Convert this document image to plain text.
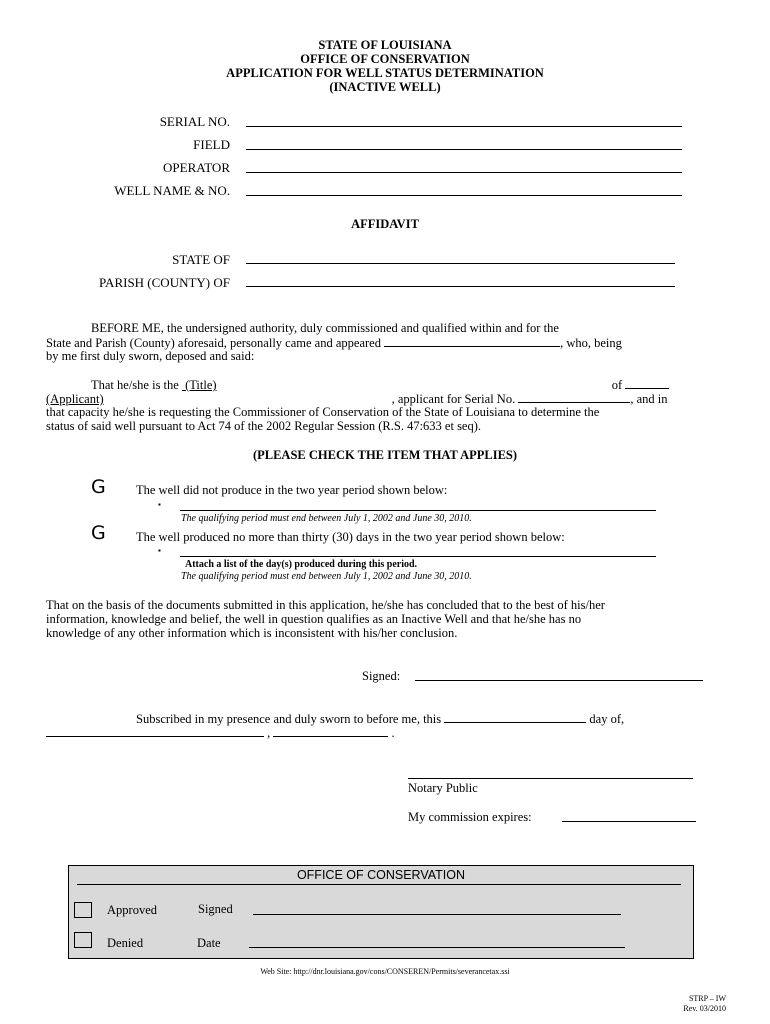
STATE OF LOUISIANA
OFFICE OF CONSERVATION
APPLICATION FOR WELL STATUS DETERMINATION
(INACTIVE WELL)
SERIAL NO.
FIELD
OPERATOR
WELL NAME & NO.
AFFIDAVIT
STATE OF
PARISH (COUNTY) OF
BEFORE ME, the undersigned authority, duly commissioned and qualified within and for the
State and Parish (County) aforesaid, personally came and appeared	, who, being
by me first duly sworn, deposed and said:
That he/she is the (Title)	of
(Applicant)	, applicant for Serial No.	, and in
that capacity he/she is requesting the Commissioner of Conservation of the State of Louisiana to determine the
status of said well pursuant to Act 74 of the 2002 Regular Session (R.S. 47:633 et seq).
(PLEASE CHECK THE ITEM THAT APPLIES)
G The well did not produce in the two year period shown below:
▪
The qualifying period must end between July 1, 2002 and June 30, 2010.
G The well produced no more than thirty (30) days in the two year period shown below:
▪
Attach a list of the day(s) produced during this period.
The qualifying period must end between July 1, 2002 and June 30, 2010.
That on the basis of the documents submitted in this application, he/she has concluded that to the best of his/her
information, knowledge and belief, the well in question qualifies as an Inactive Well and that he/she has no
knowledge of any other information which is inconsistent with his/her conclusion.
Signed:
Subscribed in my presence and duly sworn to before me, this	day of,
,	.
Notary Public
My commission expires:
OFFICE OF CONSERVATION
Approved	Signed
Denied	Date
Web Site: http://dnr.louisiana.gov/cons/CONSEREN/Permits/severancetax.ssi
STRP – IW
Rev. 03/2010
